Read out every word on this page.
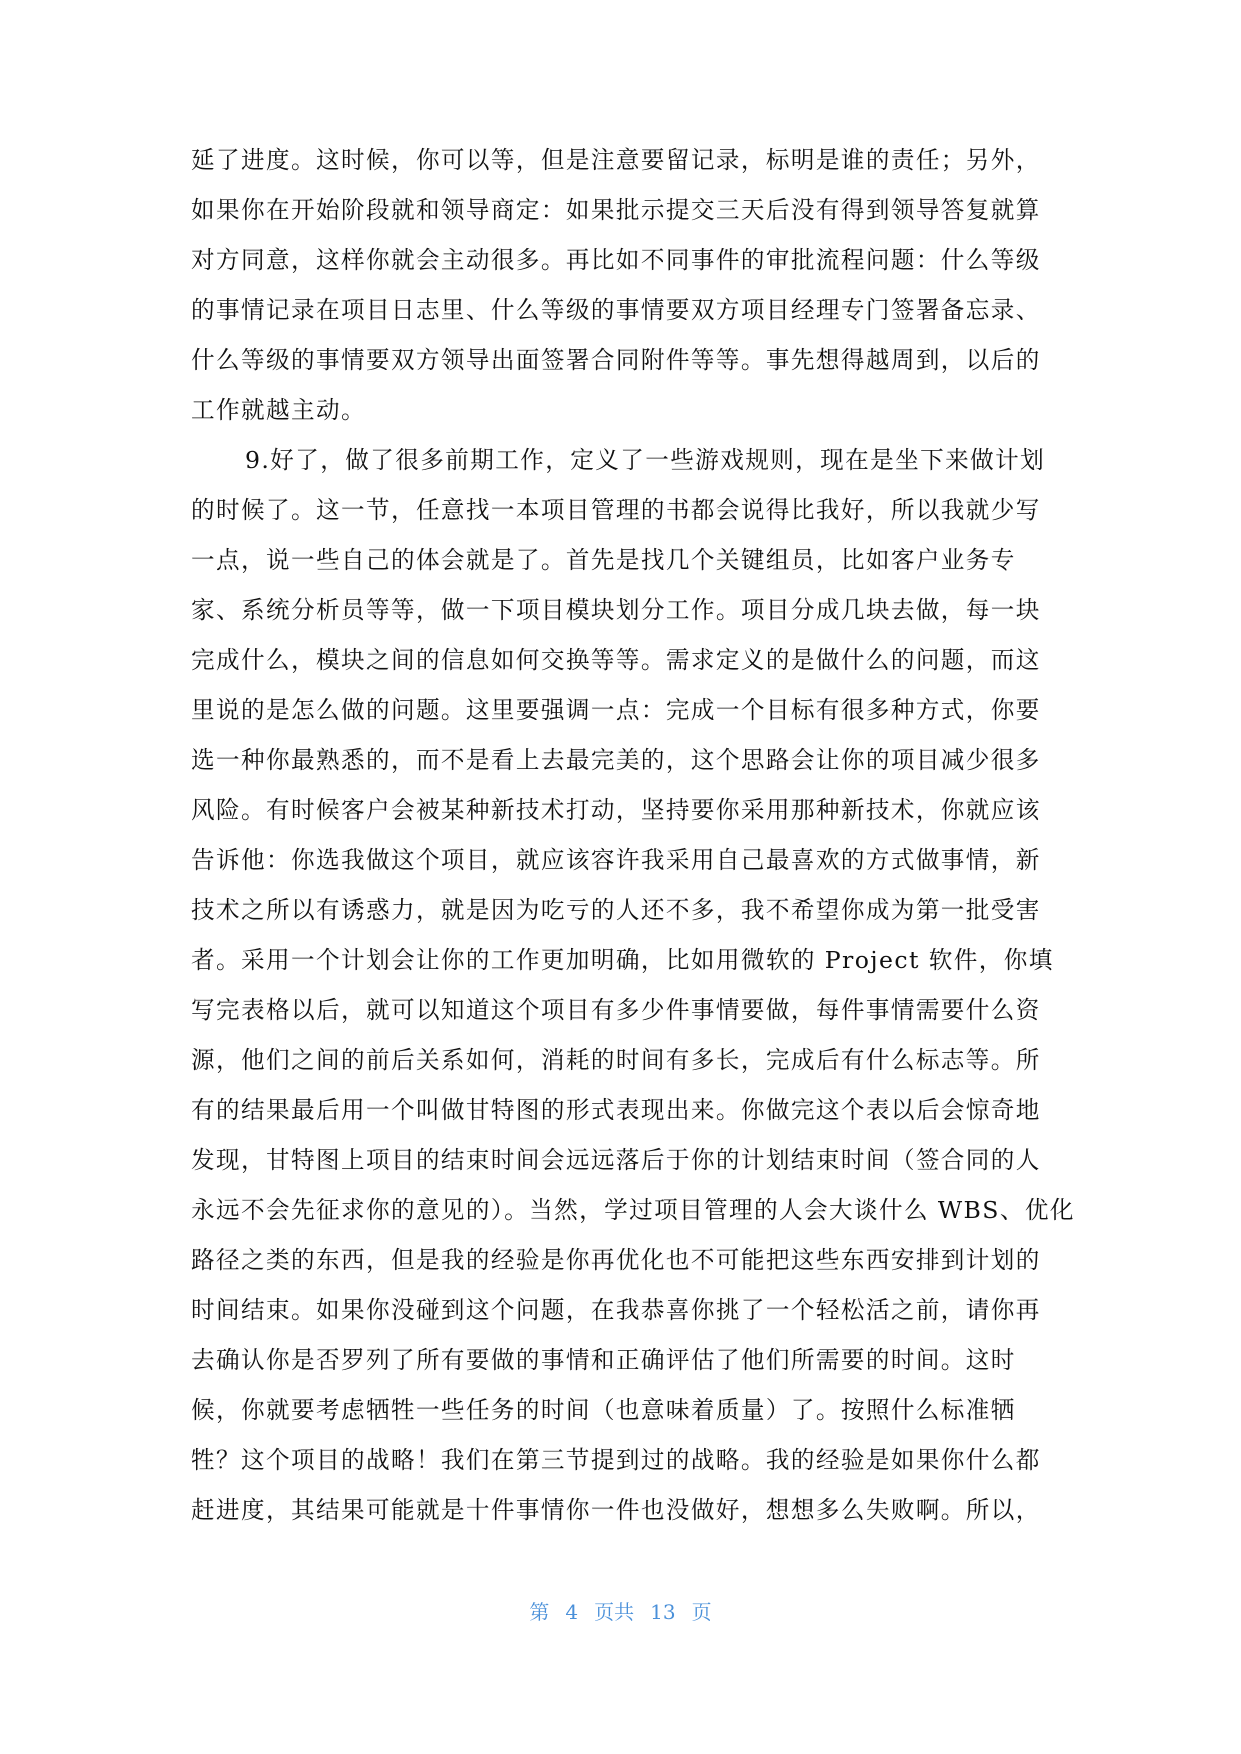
延了进度。这时候，你可以等，但是注意要留记录，标明是谁的责任；另外，
如果你在开始阶段就和领导商定：如果批示提交三天后没有得到领导答复就算
对方同意，这样你就会主动很多。再比如不同事件的审批流程问题：什么等级
的事情记录在项目日志里、什么等级的事情要双方项目经理专门签署备忘录、
什么等级的事情要双方领导出面签署合同附件等等。事先想得越周到，以后的
工作就越主动。
9.好了，做了很多前期工作，定义了一些游戏规则，现在是坐下来做计划
的时候了。这一节，任意找一本项目管理的书都会说得比我好，所以我就少写
一点，说一些自己的体会就是了。首先是找几个关键组员，比如客户业务专
家、系统分析员等等，做一下项目模块划分工作。项目分成几块去做，每一块
完成什么，模块之间的信息如何交换等等。需求定义的是做什么的问题，而这
里说的是怎么做的问题。这里要强调一点：完成一个目标有很多种方式，你要
选一种你最熟悉的，而不是看上去最完美的，这个思路会让你的项目减少很多
风险。有时候客户会被某种新技术打动，坚持要你采用那种新技术，你就应该
告诉他：你选我做这个项目，就应该容许我采用自己最喜欢的方式做事情，新
技术之所以有诱惑力，就是因为吃亏的人还不多，我不希望你成为第一批受害
者。采用一个计划会让你的工作更加明确，比如用微软的 Project 软件，你填
写完表格以后，就可以知道这个项目有多少件事情要做，每件事情需要什么资
源，他们之间的前后关系如何，消耗的时间有多长，完成后有什么标志等。所
有的结果最后用一个叫做甘特图的形式表现出来。你做完这个表以后会惊奇地
发现，甘特图上项目的结束时间会远远落后于你的计划结束时间（签合同的人
永远不会先征求你的意见的）。当然，学过项目管理的人会大谈什么 WBS、优化
路径之类的东西，但是我的经验是你再优化也不可能把这些东西安排到计划的
时间结束。如果你没碰到这个问题，在我恭喜你挑了一个轻松活之前，请你再
去确认你是否罗列了所有要做的事情和正确评估了他们所需要的时间。这时
候，你就要考虑牺牲一些任务的时间（也意味着质量）了。按照什么标准牺
牲？这个项目的战略！我们在第三节提到过的战略。我的经验是如果你什么都
赶进度，其结果可能就是十件事情你一件也没做好，想想多么失败啊。所以，
第 4 页共 13 页
